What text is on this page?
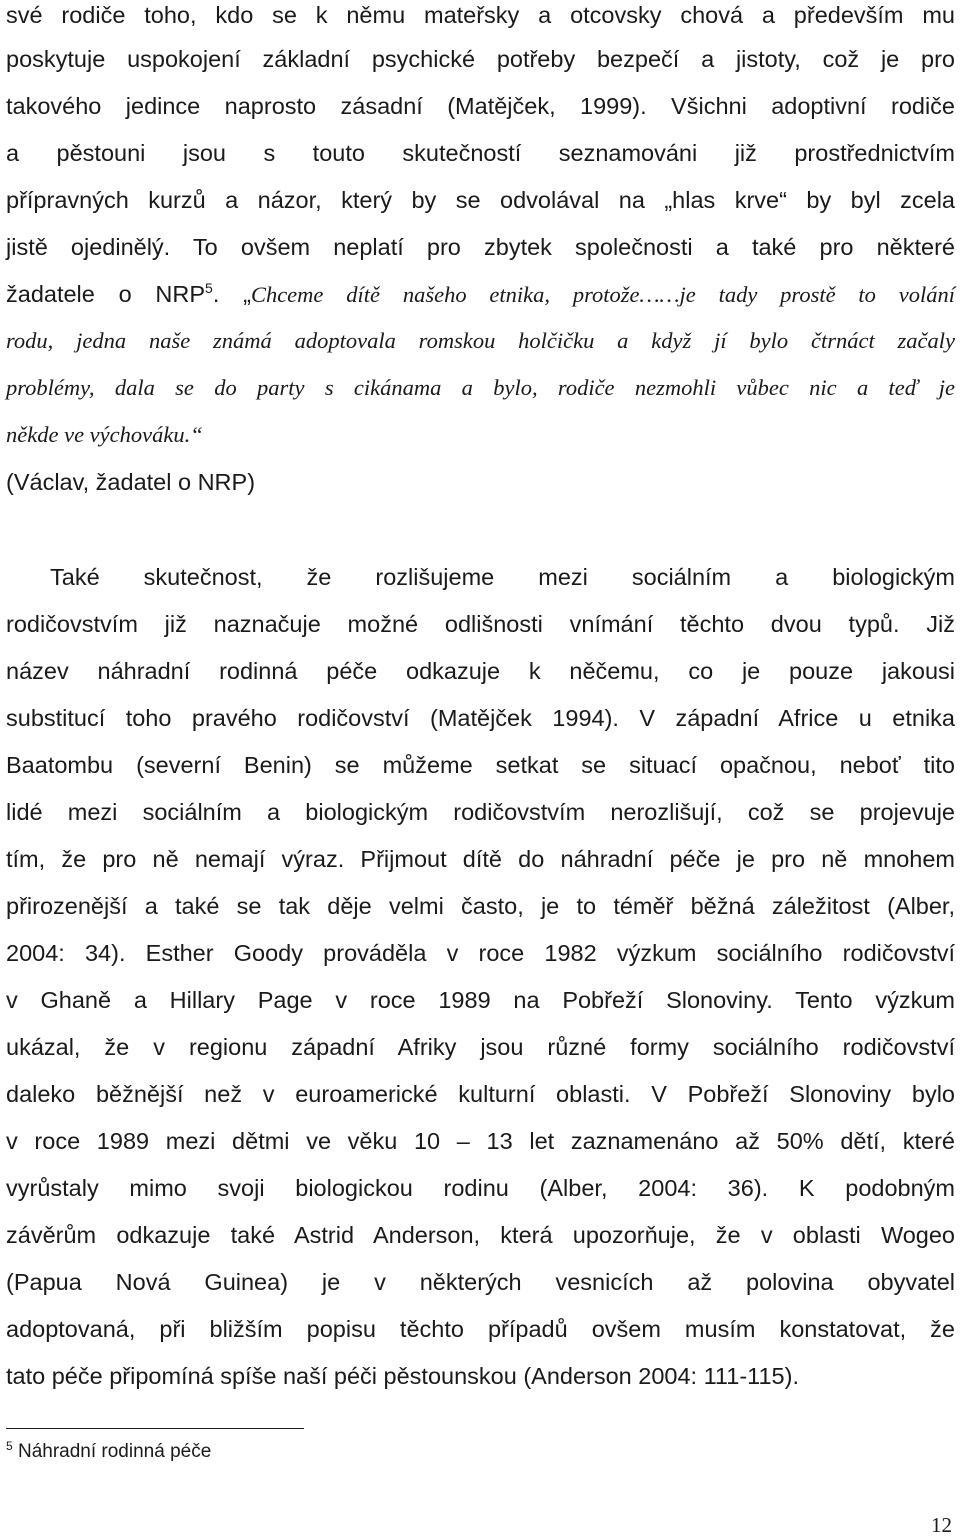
své rodiče toho, kdo se k němu mateřsky a otcovsky chová a především mu
poskytuje uspokojení základní psychické potřeby bezpečí a jistoty, což je pro
takového jedince naprosto zásadní (Matějček, 1999). Všichni adoptivní rodiče
a pěstouni jsou s touto skutečností seznamováni již prostřednictvím
přípravných kurzů a názor, který by se odvolával na „hlas krve“ by byl zcela
jistě ojedinělý. To ovšem neplatí pro zbytek společnosti a také pro některé
žadatele o NRP$^5$. „Chceme dítě našeho etnika, protože……je tady prostě to volání
rodu, jedna naše známá adoptovala romskou holčičku a když jí bylo čtrnáct začaly
problémy, dala se do party s cikánama a bylo, rodiče nezmohli vůbec nic a teď je
někde ve výchováku.“
(Václav, žadatel o NRP)
Také skutečnost, že rozlišujeme mezi sociálním a biologickým
rodičovstvím již naznačuje možné odlišnosti vnímání těchto dvou typů. Již
název náhradní rodinná péče odkazuje k něčemu, co je pouze jakousi
substitucí toho pravého rodičovství (Matějček 1994). V západní Africe u etnika
Baatombu (severní Benin) se můžeme setkat se situací opačnou, neboť tito
lidé mezi sociálním a biologickým rodičovstvím nerozlišují, což se projevuje
tím, že pro ně nemají výraz. Přijmout dítě do náhradní péče je pro ně mnohem
přirozenější a také se tak děje velmi často, je to téměř běžná záležitost (Alber,
2004: 34). Esther Goody prováděla v roce 1982 výzkum sociálního rodičovství
v Ghaně a Hillary Page v roce 1989 na Pobřeží Slonoviny. Tento výzkum
ukázal, že v regionu západní Afriky jsou různé formy sociálního rodičovství
daleko běžnější než v euroamerické kulturní oblasti. V Pobřeží Slonoviny bylo
v roce 1989 mezi dětmi ve věku 10 – 13 let zaznamenáno až 50% dětí, které
vyrůstaly mimo svoji biologickou rodinu (Alber, 2004: 36). K podobným
závěrům odkazuje také Astrid Anderson, která upozorňuje, že v oblasti Wogeo
(Papua Nová Guinea) je v některých vesnicích až polovina obyvatel
adoptovaná, při bližším popisu těchto případů ovšem musím konstatovat, že
tato péče připomíná spíše naší péči pěstounskou (Anderson 2004: 111-115).
$^5$ Náhradní rodinná péče
12
